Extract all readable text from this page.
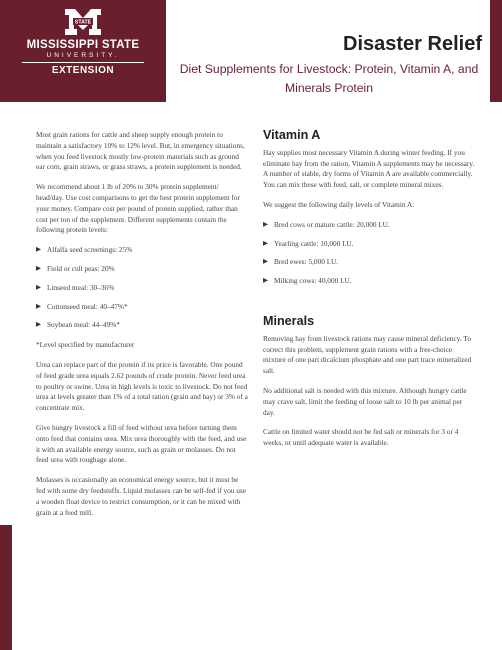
STATE
MISSISSIPPI STATE
UNIVERSITY.
EXTENSION
Disaster Relief
Diet Supplements for Livestock: Protein, Vitamin A, and Minerals Protein

Most grain rations for cattle and sheep supply enough protein to maintain a satisfactory 10% to 12% level. But, in emergency situations, when you feed livestock mostly low-protein materials such as ground ear corn, grain straws, or grass straws, a protein supplement is needed.

We recommend about 1 lb of 20% to 30% protein supplement/ head/day. Use cost comparisons to get the best protein supplement for your money. Compare cost per pound of protein supplied, rather than cost per ton of the supplement. Different supplements contain the following protein levels:

▶ Alfalfa seed screenings: 25%
▶ Field or cull peas: 20%
▶ Linseed meal: 30–36%
▶ Cottonseed meal: 40–47%*
▶ Soybean meal: 44–49%*

*Level specified by manufacturer

Urea can replace part of the protein if its price is favorable. One pound of feed grade urea equals 2.62 pounds of crude protein. Never feed urea to poultry or swine. Urea in high levels is toxic to livestock. Do not feed urea at levels greater than 1% of a total ration (grain and hay) or 3% of a concentrate mix.

Give hungry livestock a fill of feed without urea before turning them onto feed that contains urea. Mix urea thoroughly with the feed, and use it with an available energy source, such as grain or molasses. Do not feed urea with roughage alone.

Molasses is occasionally an economical energy source, but it must be fed with some dry feedstuffs. Liquid molasses can be self-fed if you use a wooden float device to restrict consumption, or it can be mixed with grain at a feed mill.

Vitamin A

Hay supplies most necessary Vitamin A during winter feeding. If you eliminate hay from the ration, Vitamin A supplements may be necessary. A number of stable, dry forms of Vitamin A are available commercially. You can mix these with feed, salt, or complete mineral mixes.

We suggest the following daily levels of Vitamin A:

▶ Bred cows or mature cattle: 20,000 I.U.
▶ Yearling cattle: 10,000 I.U.
▶ Bred ewes: 5,000 I.U.
▶ Milking cows: 40,000 I.U.
Minerals

Removing hay from livestock rations may cause mineral deficiency. To correct this problem, supplement grain rations with a free-choice mixture of one part dicalcium phosphate and one part trace mineralized salt.

No additional salt is needed with this mixture. Although hungry cattle may crave salt, limit the feeding of loose salt to 10 lb per animal per day.

Cattle on limited water should not be fed salt or minerals for 3 or 4 weeks, or until adequate water is available.
